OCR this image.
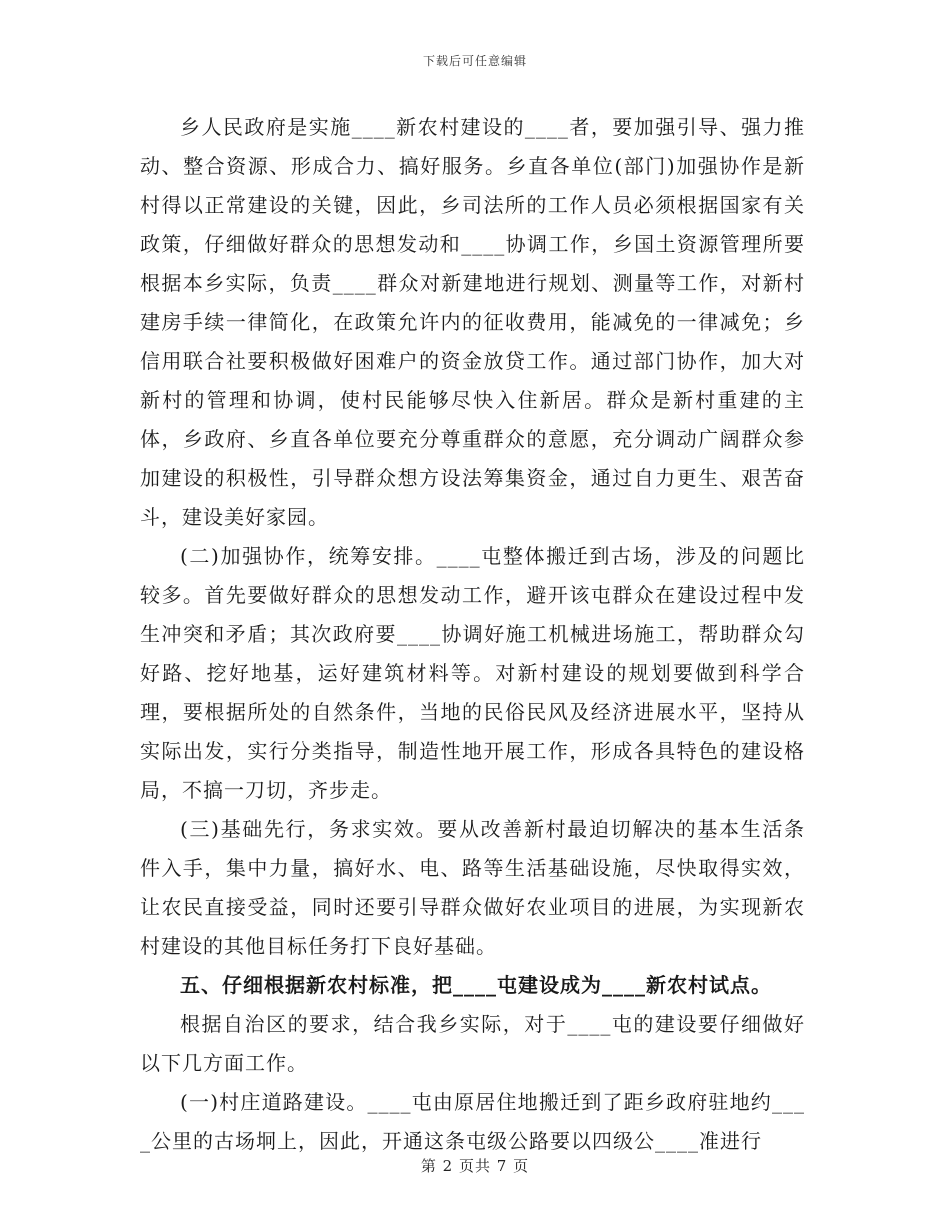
下载后可任意编辑

乡人民政府是实施____新农村建设的____者，要加强引导、强力推动、整合资源、形成合力、搞好服务。乡直各单位(部门)加强协作是新村得以正常建设的关键，因此，乡司法所的工作人员必须根据国家有关政策，仔细做好群众的思想发动和____协调工作，乡国土资源管理所要根据本乡实际，负责____群众对新建地进行规划、测量等工作，对新村建房手续一律简化，在政策允许内的征收费用，能减免的一律减免；乡信用联合社要积极做好困难户的资金放贷工作。通过部门协作，加大对新村的管理和协调，使村民能够尽快入住新居。群众是新村重建的主体，乡政府、乡直各单位要充分尊重群众的意愿，充分调动广阔群众参加建设的积极性，引导群众想方设法筹集资金，通过自力更生、艰苦奋斗，建设美好家园。

(二)加强协作，统筹安排。____屯整体搬迁到古场，涉及的问题比较多。首先要做好群众的思想发动工作，避开该屯群众在建设过程中发生冲突和矛盾；其次政府要____协调好施工机械进场施工，帮助群众勾好路、挖好地基，运好建筑材料等。对新村建设的规划要做到科学合理，要根据所处的自然条件，当地的民俗民风及经济进展水平，坚持从实际出发，实行分类指导，制造性地开展工作，形成各具特色的建设格局，不搞一刀切，齐步走。

(三)基础先行，务求实效。要从改善新村最迫切解决的基本生活条件入手，集中力量，搞好水、电、路等生活基础设施，尽快取得实效，让农民直接受益，同时还要引导群众做好农业项目的进展，为实现新农村建设的其他目标任务打下良好基础。

五、仔细根据新农村标准，把____屯建设成为____新农村试点。

根据自治区的要求，结合我乡实际，对于____屯的建设要仔细做好以下几方面工作。

(一)村庄道路建设。____屯由原居住地搬迁到了距乡政府驻地约____公里的古场坰上，因此，开通这条屯级公路要以四级公____准进行

第 2 页共 7 页
